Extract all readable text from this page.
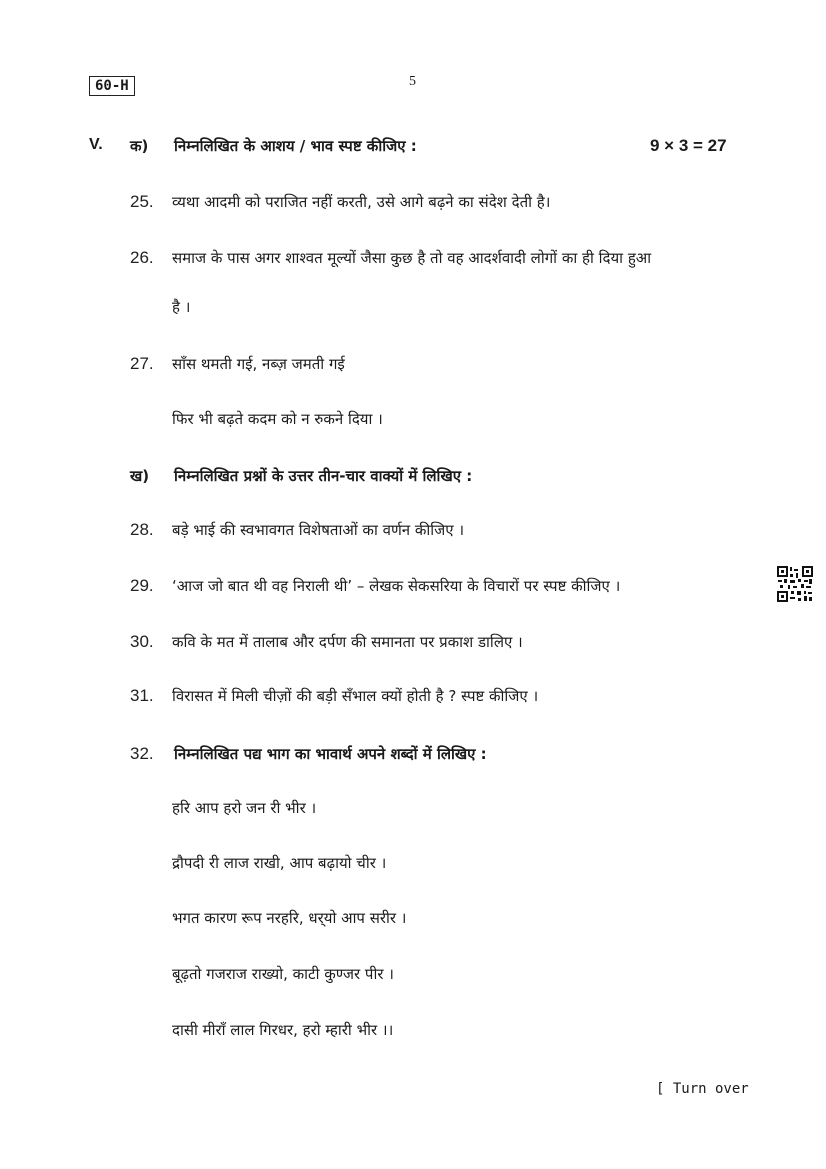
60-H	5
V. क) निम्नलिखित के आशय / भाव स्पष्ट कीजिए :	9 × 3 = 27
25. व्यथा आदमी को पराजित नहीं करती, उसे आगे बढ़ने का संदेश देती है।
26. समाज के पास अगर शाश्वत मूल्यों जैसा कुछ है तो वह आदर्शवादी लोगों का ही दिया हुआ
है ।
27. साँस थमती गई, नब्ज़ जमती गई
फिर भी बढ़ते कदम को न रुकने दिया ।
ख) निम्नलिखित प्रश्नों के उत्तर तीन-चार वाक्यों में लिखिए :
28. बड़े भाई की स्वभावगत विशेषताओं का वर्णन कीजिए ।
29. ‘आज जो बात थी वह निराली थी’ – लेखक सेकसरिया के विचारों पर स्पष्ट कीजिए ।
30. कवि के मत में तालाब और दर्पण की समानता पर प्रकाश डालिए ।
31. विरासत में मिली चीज़ों की बड़ी सँभाल क्यों होती है ? स्पष्ट कीजिए ।
32. निम्नलिखित पद्य भाग का भावार्थ अपने शब्दों में लिखिए :
हरि आप हरो जन री भीर ।
द्रौपदी री लाज राखी, आप बढ़ायो चीर ।
भगत कारण रूप नरहरि, धर्‌यो आप सरीर ।
बूढ़तो गजराज राख्यो, काटी कुण्जर पीर ।
दासी मीराँ लाल गिरधर, हरो म्हारी भीर ।।
[ Turn over
